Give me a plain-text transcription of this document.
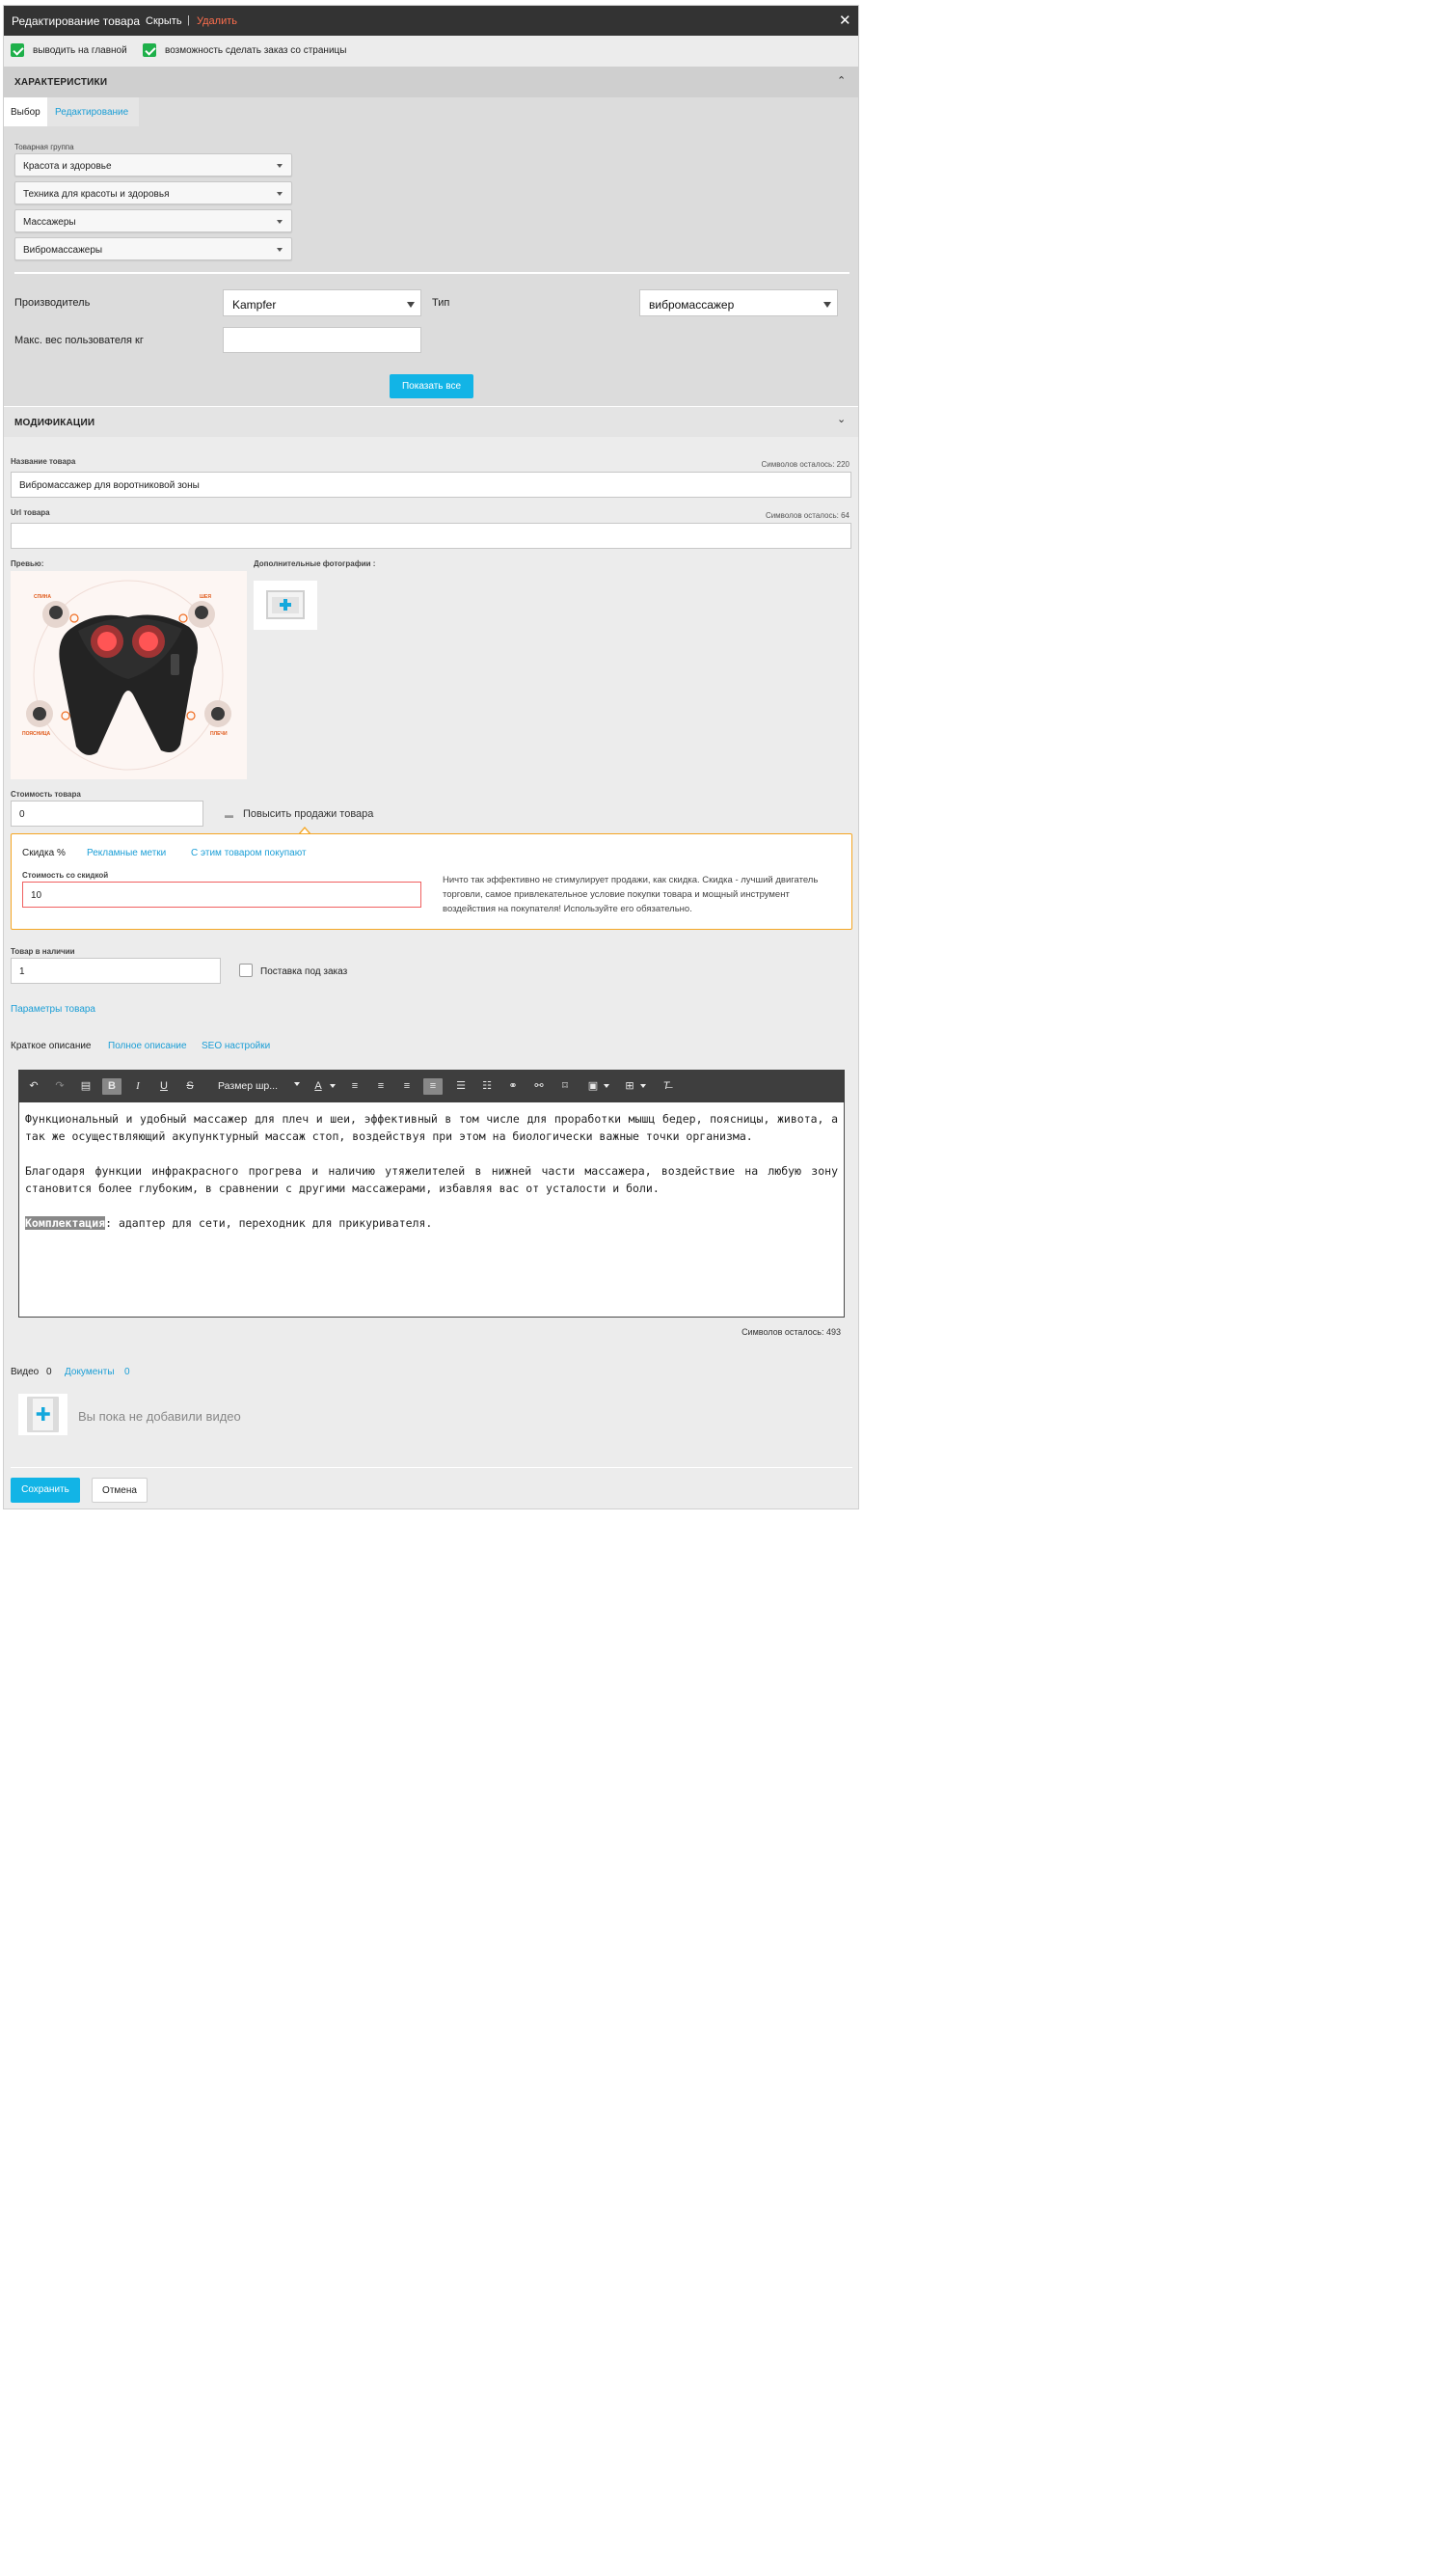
Редактирование товара Скрыть | Удалить	✕
выводить на главной	возможность сделать заказ со страницы
ХАРАКТЕРИСТИКИ	⌃
Выбор	Редактирование
Товарная группа
Красота и здоровье
Техника для красоты и здоровья
Массажеры
Вибромассажеры
Производитель	Kampfer	Тип	вибромассажер
Макс. вес пользователя кг
Показать все
МОДИФИКАЦИИ	⌄
Название товара	Символов осталось: 220
Вибромассажер для воротниковой зоны
Url товара	Символов осталось: 64
Превью:	Дополнительные фотографии :
СПИНА	ШЕЯ
ПОЯСНИЦА	ПЛЕЧИ
Стоимость товара
0	▬ Повысить продажи товара
Скидка % Рекламные метки	С этим товаром покупают
Стоимость со скидкой
10
Ничто так эффективно не стимулирует продажи, как скидка. Скидка - лучший двигатель торговли, самое привлекательное условие покупки товара и мощный инструмент воздействия на покупателя! Используйте его обязательно.
Товар в наличии
1	Поставка под заказ
Параметры товара
Краткое описание Полное описание SEO настройки
↶	↷	▤	B	I	U	S	Размер шр...	A	≡	≡	≡	≡	☰	☷	⚭	⚯	⌑	▣	⊞	T̶

Функциональный и удобный массажер для плеч и шеи, эффективный в том числе для проработки мышц бедер, поясницы, живота, а так же осуществляющий акупунктурный массаж стоп, воздействуя при этом на биологически важные точки организма.

Благодаря функции инфракрасного прогрева и наличию утяжелителей в нижней части массажера, воздействие на любую зону становится более глубоким, в сравнении с другими массажерами, избавляя вас от усталости и боли.

Комплектация: адаптер для сети, переходник для прикуривателя.

Символов осталось: 493
Видео 0 Документы 0
Вы пока не добавили видео
Сохранить	Отмена
